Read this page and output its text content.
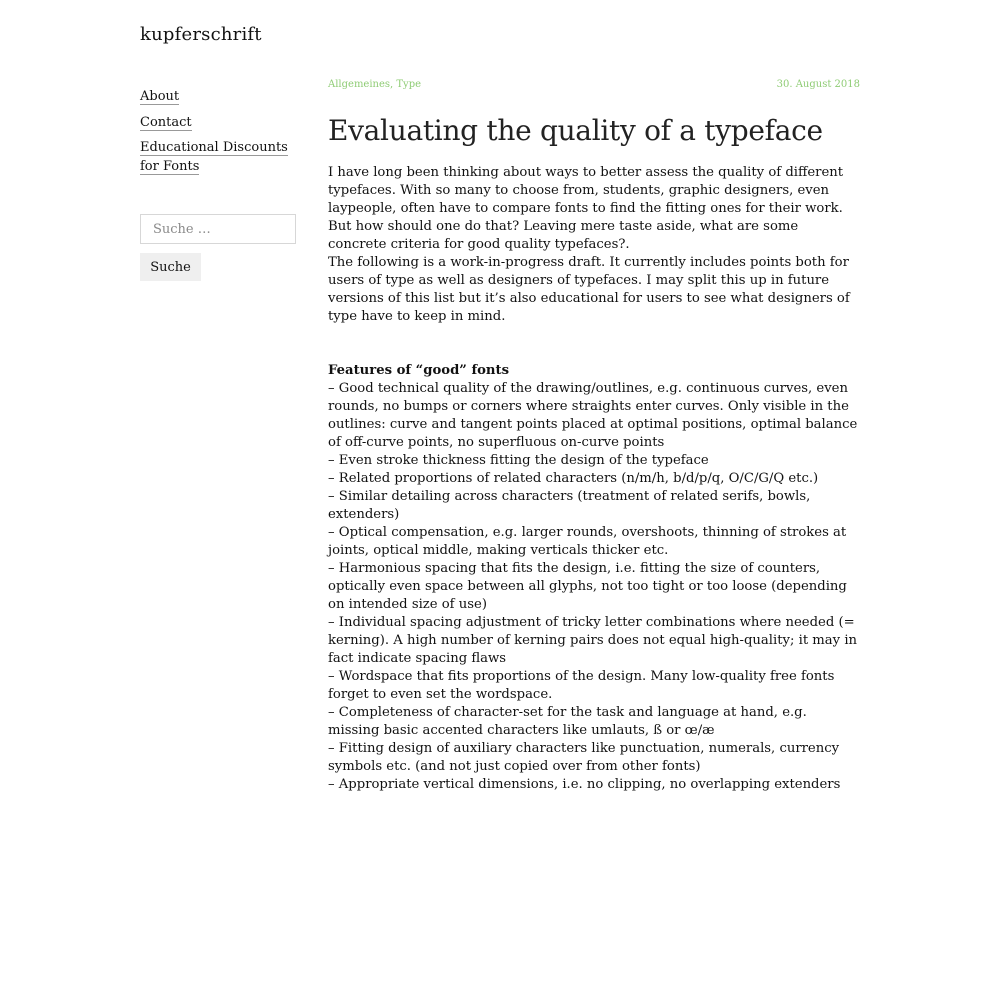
kupferschrift
About
Contact
Educational Discounts for Fonts
Suche …
Suche
Allgemeines, Type	30. August 2018
Evaluating the quality of a typeface

I have long been thinking about ways to better assess the quality of different typefaces. With so many to choose from, students, graphic designers, even laypeople, often have to compare fonts to find the fitting ones for their work. But how should one do that? Leaving mere taste aside, what are some concrete criteria for good quality typefaces?.

The following is a work-in-progress draft. It currently includes points both for users of type as well as designers of typefaces. I may split this up in future versions of this list but it’s also educational for users to see what designers of type have to keep in mind.

Features of “good” fonts

– Good technical quality of the drawing/outlines, e.g. continuous curves, even rounds, no bumps or corners where straights enter curves. Only visible in the outlines: curve and tangent points placed at optimal positions, optimal balance of off-curve points, no superfluous on-curve points

– Even stroke thickness fitting the design of the typeface

– Related proportions of related characters (n/m/h, b/d/p/q, O/C/G/Q etc.)

– Similar detailing across characters (treatment of related serifs, bowls, extenders)

– Optical compensation, e.g. larger rounds, overshoots, thinning of strokes at joints, optical middle, making verticals thicker etc.

– Harmonious spacing that fits the design, i.e. fitting the size of counters, optically even space between all glyphs, not too tight or too loose (depending on intended size of use)

– Individual spacing adjustment of tricky letter combinations where needed (= kerning). A high number of kerning pairs does not equal high-quality; it may in fact indicate spacing flaws

– Wordspace that fits proportions of the design. Many low-quality free fonts forget to even set the wordspace.

– Completeness of character-set for the task and language at hand, e.g. missing basic accented characters like umlauts, ß or œ/æ

– Fitting design of auxiliary characters like punctuation, numerals, currency symbols etc. (and not just copied over from other fonts)

– Appropriate vertical dimensions, i.e. no clipping, no overlapping extenders
